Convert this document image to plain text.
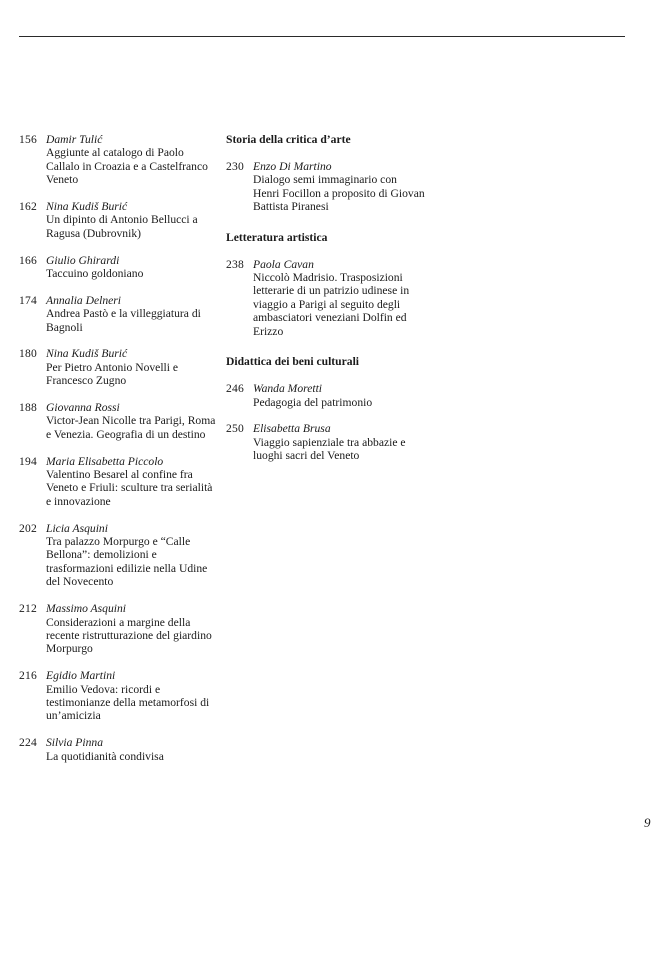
156 Damir Tulić
Aggiunte al catalogo di Paolo Callalo in Croazia e a Castelfranco Veneto
162 Nina Kudiš Burić
Un dipinto di Antonio Bellucci a Ragusa (Dubrovnik)
166 Giulio Ghirardi
Taccuino goldoniano
174 Annalia Delneri
Andrea Pastò e la villeggiatura di Bagnoli
180 Nina Kudiš Burić
Per Pietro Antonio Novelli e Francesco Zugno
188 Giovanna Rossi
Victor-Jean Nicolle tra Parigi, Roma e Venezia. Geografia di un destino
194 Maria Elisabetta Piccolo
Valentino Besarel al confine fra Veneto e Friuli: sculture tra serialità e innovazione
202 Licia Asquini
Tra palazzo Morpurgo e “Calle Bellona”: demolizioni e trasformazioni edilizie nella Udine del Novecento
212 Massimo Asquini
Considerazioni a margine della recente ristrutturazione del giardino Morpurgo
216 Egidio Martini
Emilio Vedova: ricordi e testimonianze della metamorfosi di un’amicizia
224 Silvia Pinna
La quotidianità condivisa
Storia della critica d’arte
230 Enzo Di Martino
Dialogo semi immaginario con Henri Focillon a proposito di Giovan Battista Piranesi
Letteratura artistica
238 Paola Cavan
Niccolò Madrisio. Trasposizioni letterarie di un patrizio udinese in viaggio a Parigi al seguito degli ambasciatori veneziani Dolfin ed Erizzo
Didattica dei beni culturali
246 Wanda Moretti
Pedagogia del patrimonio
250 Elisabetta Brusa
Viaggio sapienziale tra abbazie e luoghi sacri del Veneto
9
